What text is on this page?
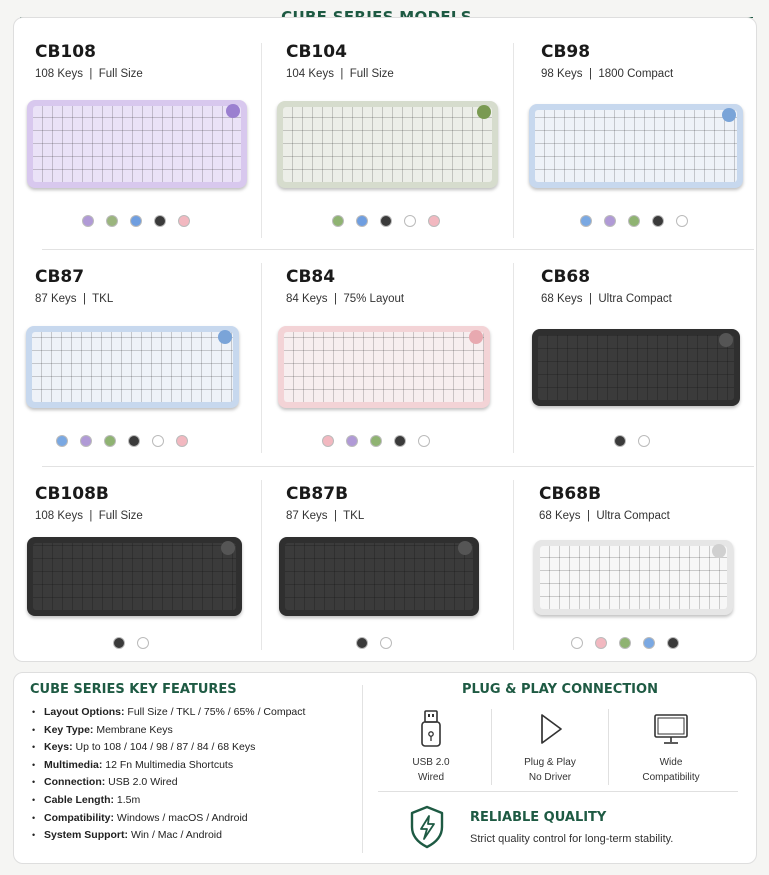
CB108
108 Keys  |  Full Size
CB104
104 Keys  |  Full Size
CB98
98 Keys  |  1800 Compact
CB87
87 Keys  |  TKL
CB84
84 Keys  |  75% Layout
CB68
68 Keys  |  Ultra Compact
CB108B
108 Keys  |  Full Size
CB87B
87 Keys  |  TKL
CB68B
68 Keys  |  Ultra Compact
CUBE SERIES KEY FEATURES
• Layout Options: Full Size / TKL / 75% / 65% / Compact
• Key Type: Membrane Keys
• Keys: Up to 108 / 104 / 98 / 87 / 84 / 68 Keys
• Multimedia: 12 Fn Multimedia Shortcuts
• Connection: USB 2.0 Wired
• Cable Length: 1.5m
• Compatibility: Windows / macOS / Android
• System Support: Win / Mac / Android
PLUG & PLAY CONNECTION
USB 2.0
Wired
Plug & Play
No Driver
Wide
Compatibility
RELIABLE QUALITY
Strict quality control for long-term stability.
